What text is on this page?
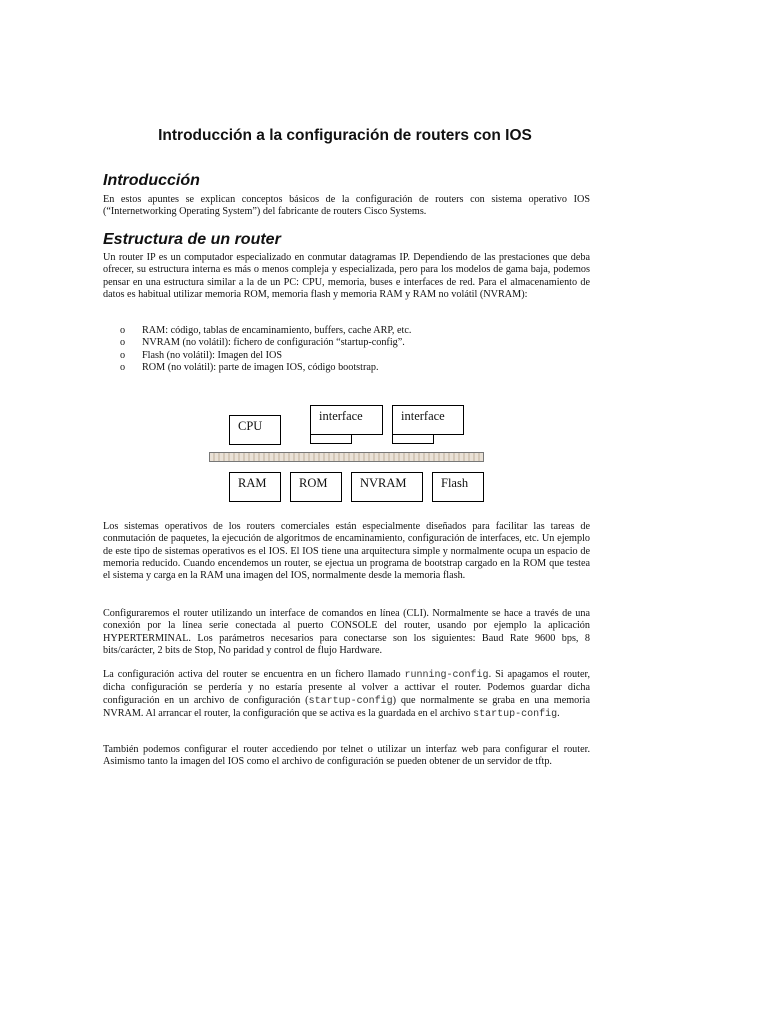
Introducción a la configuración de routers con IOS
Introducción

En estos apuntes se explican conceptos básicos de la configuración de routers con sistema operativo IOS (“Internetworking Operating System”) del fabricante de routers Cisco Systems.

Estructura de un router

Un router IP es un computador especializado en conmutar datagramas IP. Dependiendo de las prestaciones que deba ofrecer, su estructura interna es más o menos compleja y especializada, pero para los modelos de gama baja, podemos pensar en una estructura similar a la de un PC: CPU, memoria, buses e interfaces de red. Para el almacenamiento de datos es habitual utilizar memoria ROM, memoria flash y memoria RAM y RAM no volátil (NVRAM):

o RAM: código, tablas de encaminamiento, buffers, cache ARP, etc.
o NVRAM (no volátil): fichero de configuración “startup-config”.
o Flash (no volátil): Imagen del IOS
o ROM (no volátil): parte de imagen IOS, código bootstrap.
CPU
interface	interface
RAM	ROM	NVRAM	Flash

Los sistemas operativos de los routers comerciales están especialmente diseñados para facilitar las tareas de conmutación de paquetes, la ejecución de algoritmos de encaminamiento, configuración de interfaces, etc. Un ejemplo de este tipo de sistemas operativos es el IOS. El IOS tiene una arquitectura simple y normalmente ocupa un espacio de memoria reducido. Cuando encendemos un router, se ejectua un programa de bootstrap cargado en la ROM que testea el sistema y carga en la RAM una imagen del IOS, normalmente desde la memoria flash.

Configuraremos el router utilizando un interface de comandos en línea (CLI). Normalmente se hace a través de una conexión por la línea serie conectada al puerto CONSOLE del router, usando por ejemplo la aplicación HYPERTERMINAL. Los parámetros necesarios para conectarse son los siguientes: Baud Rate 9600 bps, 8 bits/carácter, 2 bits de Stop, No paridad y control de flujo Hardware.

La configuración activa del router se encuentra en un fichero llamado running-config. Si apagamos el router, dicha configuración se perdería y no estaría presente al volver a acttivar el router. Podemos guardar dicha configuración en un archivo de configuración (startup-config) que normalmente se graba en una memoria NVRAM. Al arrancar el router, la configuración que se activa es la guardada en el archivo startup-config.

También podemos configurar el router accediendo por telnet o utilizar un interfaz web para configurar el router. Asimismo tanto la imagen del IOS como el archivo de configuración se pueden obtener de un servidor de tftp.
